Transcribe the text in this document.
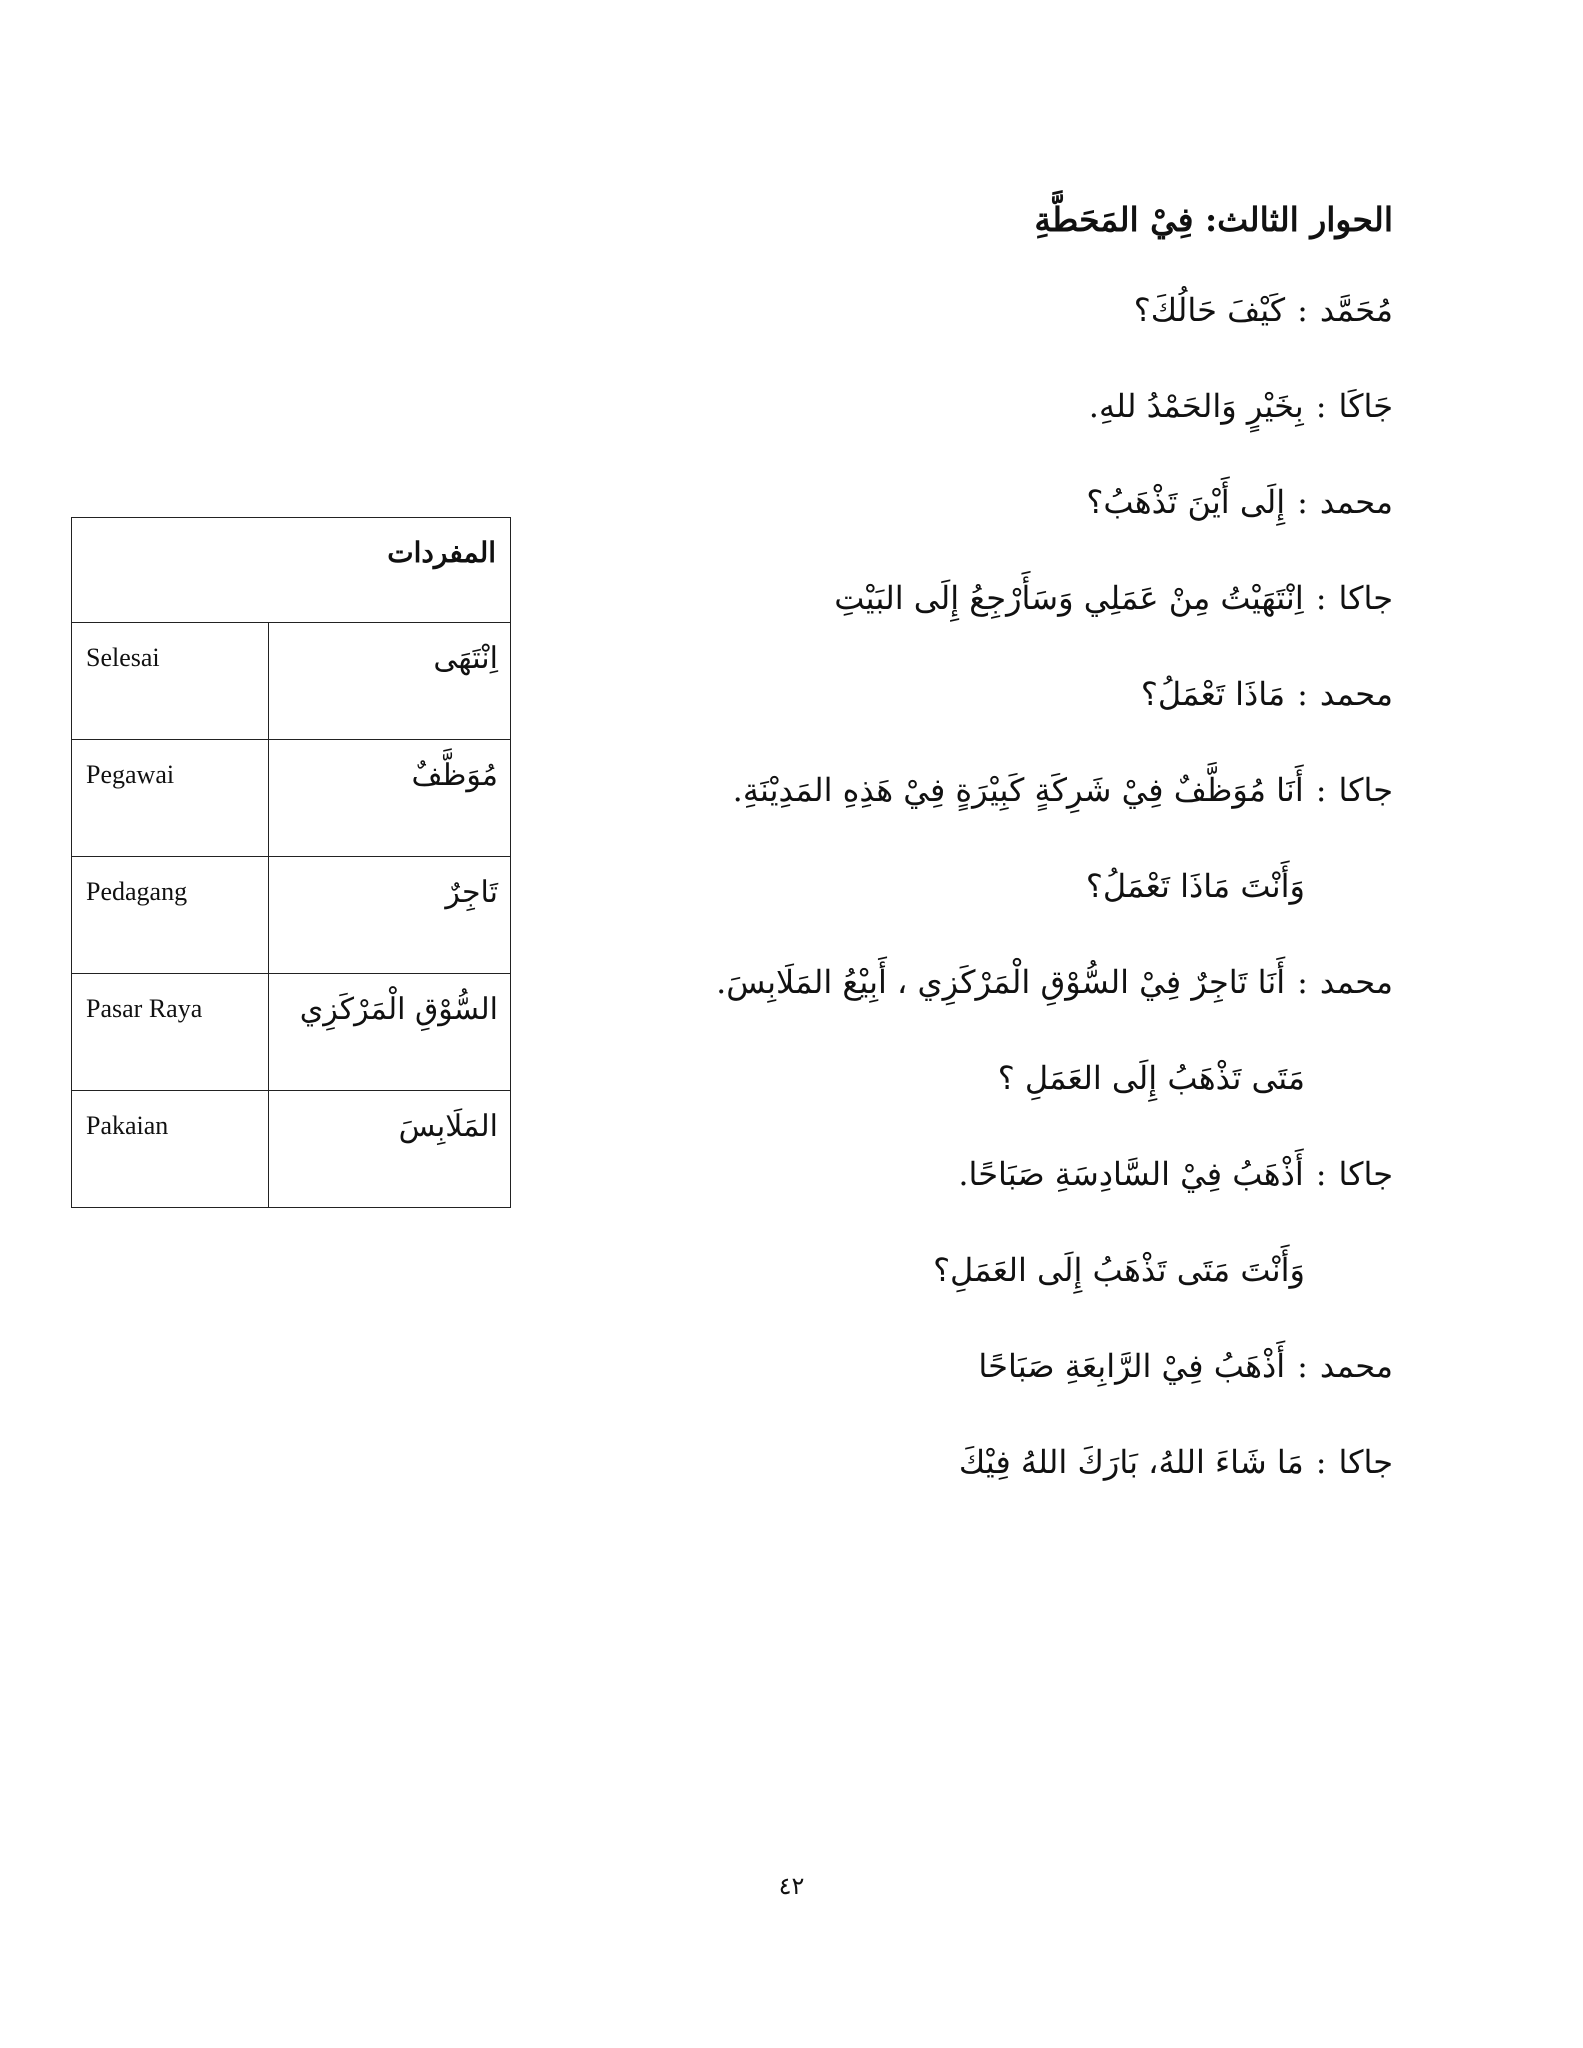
الحوار الثالث: فِيْ المَحَطَّةِ
مُحَمَّد
:
كَيْفَ حَالُكَ؟
جَاكَا
:
بِخَيْرٍ وَالحَمْدُ للهِ.
محمد
:
إِلَى أَيْنَ تَذْهَبُ؟
جاكا
:
اِنْتَهَيْتُ مِنْ عَمَلِي وَسَأَرْجِعُ إِلَى البَيْتِ
محمد
:
مَاذَا تَعْمَلُ؟
جاكا
:
أَنَا مُوَظَّفٌ فِيْ شَرِكَةٍ كَبِيْرَةٍ فِيْ هَذِهِ المَدِيْنَةِ.
وَأَنْتَ مَاذَا تَعْمَلُ؟
محمد
:
أَنَا تَاجِرٌ فِيْ السُّوْقِ الْمَرْكَزِي ، أَبِيْعُ المَلَابِسَ.
مَتَى تَذْهَبُ إِلَى العَمَلِ ؟
جاكا
:
أَذْهَبُ فِيْ السَّادِسَةِ صَبَاحًا.
وَأَنْتَ مَتَى تَذْهَبُ إِلَى العَمَلِ؟
محمد
:
أَذْهَبُ فِيْ الرَّابِعَةِ صَبَاحًا
جاكا
:
مَا شَاءَ اللهُ، بَارَكَ اللهُ فِيْكَ
المفردات	
Selesai	اِنْتَهَى
Pegawai	مُوَظَّفٌ
Pedagang	تَاجِرٌ
Pasar Raya	السُّوْقِ الْمَرْكَزِي
Pakaian	المَلَابِسَ
٤٢
